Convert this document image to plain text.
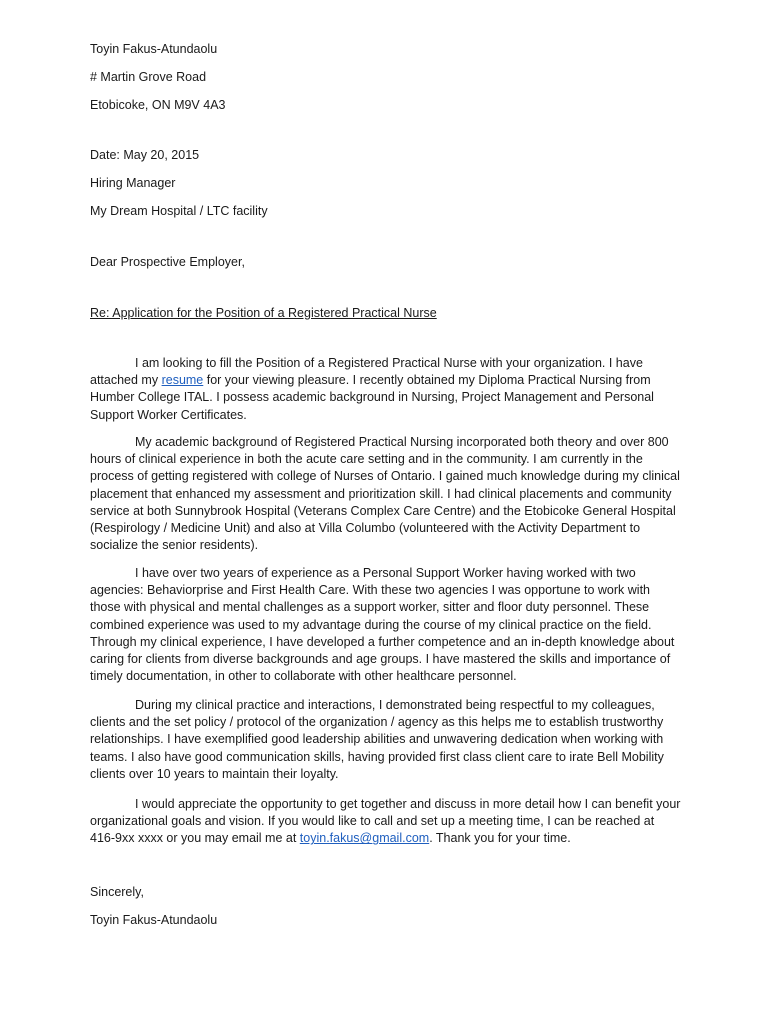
Toyin Fakus-Atundaolu
# Martin Grove Road
Etobicoke, ON M9V 4A3
Date: May 20, 2015
Hiring Manager
My Dream Hospital / LTC facility
Dear Prospective Employer,
Re: Application for the Position of a Registered Practical Nurse
I am looking to fill the Position of a Registered Practical Nurse with your organization. I have attached my resume for your viewing pleasure. I recently obtained my Diploma Practical Nursing from Humber College ITAL. I possess academic background in Nursing, Project Management and Personal Support Worker Certificates.
My academic background of Registered Practical Nursing incorporated both theory and over 800 hours of clinical experience in both the acute care setting and in the community. I am currently in the process of getting registered with college of Nurses of Ontario. I gained much knowledge during my clinical placement that enhanced my assessment and prioritization skill. I had clinical placements and community service at both Sunnybrook Hospital (Veterans Complex Care Centre) and the Etobicoke General Hospital (Respirology / Medicine Unit) and also at Villa Columbo (volunteered with the Activity Department to socialize the senior residents).
I have over two years of experience as a Personal Support Worker having worked with two agencies: Behaviorprise and First Health Care. With these two agencies I was opportune to work with those with physical and mental challenges as a support worker, sitter and floor duty personnel. These combined experience was used to my advantage during the course of my clinical practice on the field. Through my clinical experience, I have developed a further competence and an in-depth knowledge about caring for clients from diverse backgrounds and age groups. I have mastered the skills and importance of timely documentation, in other to collaborate with other healthcare personnel.
During my clinical practice and interactions, I demonstrated being respectful to my colleagues, clients and the set policy / protocol of the organization / agency as this helps me to establish trustworthy relationships. I have exemplified good leadership abilities and unwavering dedication when working with teams. I also have good communication skills, having provided first class client care to irate Bell Mobility clients over 10 years to maintain their loyalty.
I would appreciate the opportunity to get together and discuss in more detail how I can benefit your organizational goals and vision. If you would like to call and set up a meeting time, I can be reached at 416-9xx xxxx or you may email me at toyin.fakus@gmail.com. Thank you for your time.
Sincerely,
Toyin Fakus-Atundaolu
